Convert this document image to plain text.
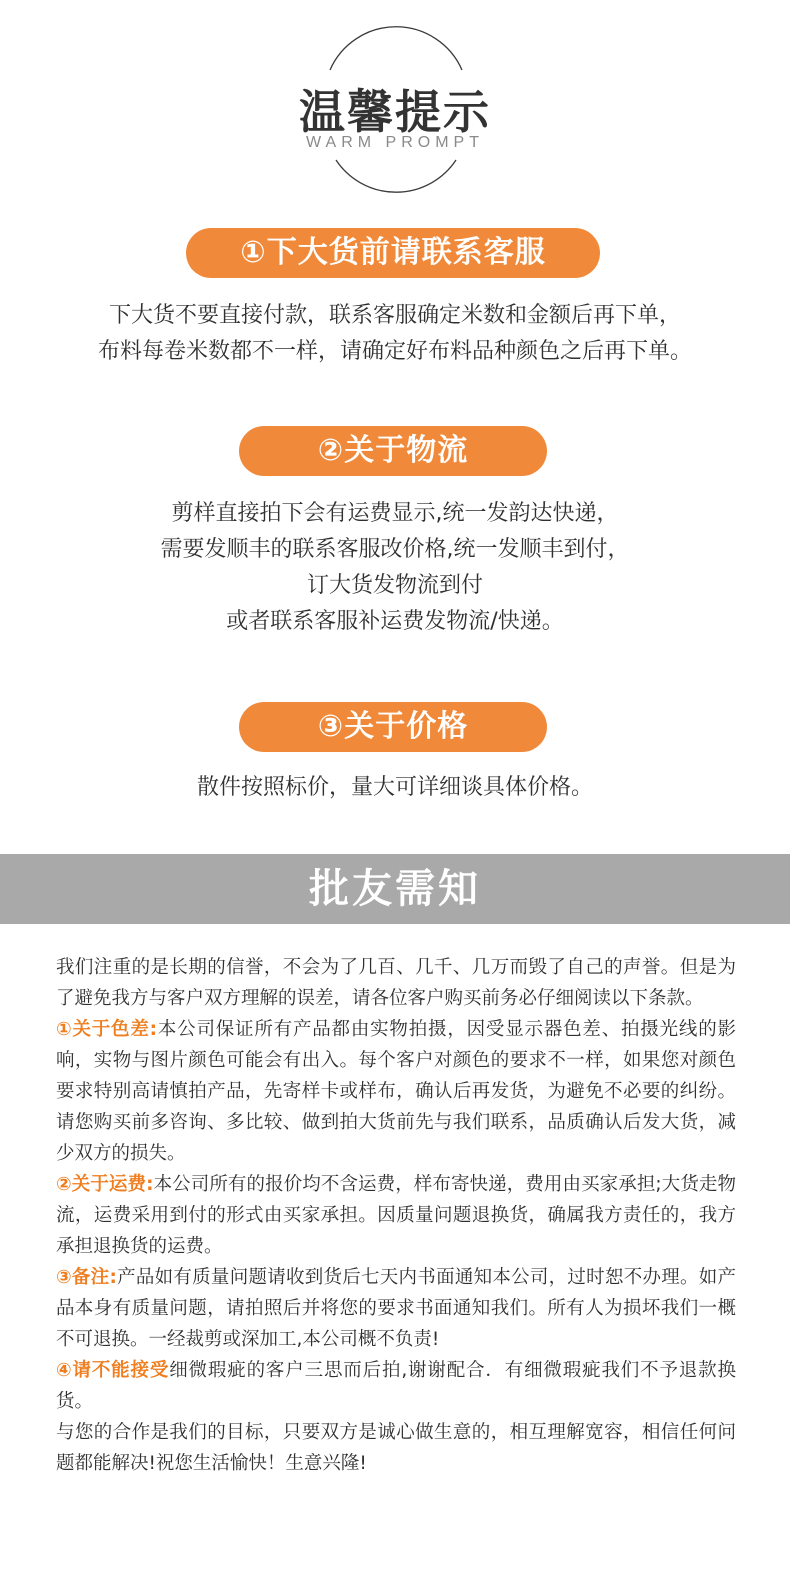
温馨提示
WARM PROMPT
①下大货前请联系客服
下大货不要直接付款，联系客服确定米数和金额后再下单，
布料每卷米数都不一样，请确定好布料品种颜色之后再下单。
②关于物流
剪样直接拍下会有运费显示,统一发韵达快递，
需要发顺丰的联系客服改价格,统一发顺丰到付，
订大货发物流到付
或者联系客服补运费发物流/快递。
③关于价格
散件按照标价，量大可详细谈具体价格。
批友需知

我们注重的是长期的信誉，不会为了几百、几千、几万而毁了自己的声誉。但是为了避免我方与客户双方理解的误差，请各位客户购买前务必仔细阅读以下条款。

①关于色差:本公司保证所有产品都由实物拍摄，因受显示器色差、拍摄光线的影响，实物与图片颜色可能会有出入。每个客户对颜色的要求不一样，如果您对颜色要求特别高请慎拍产品，先寄样卡或样布，确认后再发货，为避免不必要的纠纷。请您购买前多咨询、多比较、做到拍大货前先与我们联系，品质确认后发大货，减少双方的损失。

②关于运费:本公司所有的报价均不含运费，样布寄快递，费用由买家承担;大货走物流，运费采用到付的形式由买家承担。因质量问题退换货，确属我方责任的，我方承担退换货的运费。

③备注:产品如有质量问题请收到货后七天内书面通知本公司，过时恕不办理。如产品本身有质量问题，请拍照后并将您的要求书面通知我们。所有人为损坏我们一概不可退换。一经裁剪或深加工,本公司概不负责!

④请不能接受细微瑕疵的客户三思而后拍,谢谢配合．有细微瑕疵我们不予退款换货。

与您的合作是我们的目标，只要双方是诚心做生意的，相互理解宽容，相信任何问题都能解决!祝您生活愉快！生意兴隆!
